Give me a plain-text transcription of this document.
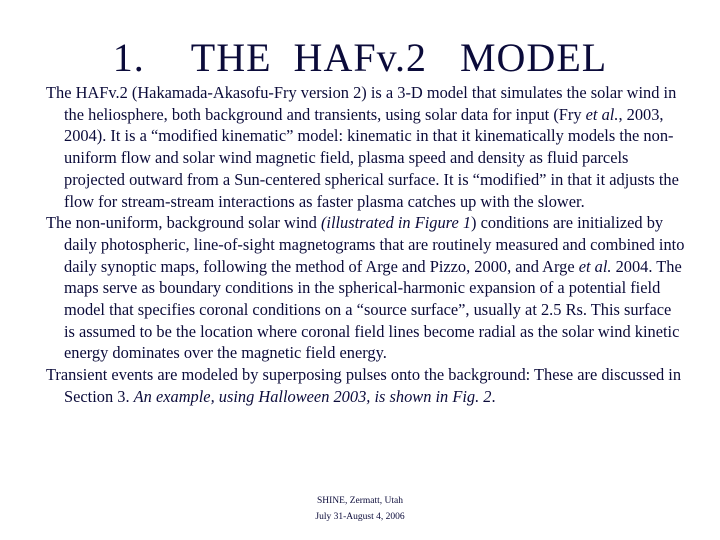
1. THE  HAFv.2   MODEL

The HAFv.2 (Hakamada-Akasofu-Fry version 2) is a 3-D model that simulates the solar wind in the heliosphere, both background and transients, using solar data for input (Fry et al., 2003, 2004). It is a “modified kinematic” model: kinematic in that it kinematically models the non-uniform flow and solar wind magnetic field, plasma speed and density as fluid parcels projected outward from a Sun-centered spherical surface. It is “modified” in that it adjusts the flow for stream-stream interactions as faster plasma catches up with the slower.

The non-uniform, background solar wind (illustrated in Figure 1) conditions are initialized by daily photospheric, line-of-sight magnetograms that are routinely measured and combined into daily synoptic maps, following the method of Arge and Pizzo, 2000, and Arge et al. 2004. The maps serve as boundary conditions in the spherical-harmonic expansion of a potential field model that specifies coronal conditions on a “source surface”, usually at 2.5 Rs. This surface is assumed to be the location where coronal field lines become radial as the solar wind kinetic energy dominates over the magnetic field energy.

Transient events are modeled by superposing pulses onto the background: These are discussed in Section 3. An example, using Halloween 2003, is shown in Fig. 2.

SHINE, Zermatt, Utah
July 31-August 4, 2006
